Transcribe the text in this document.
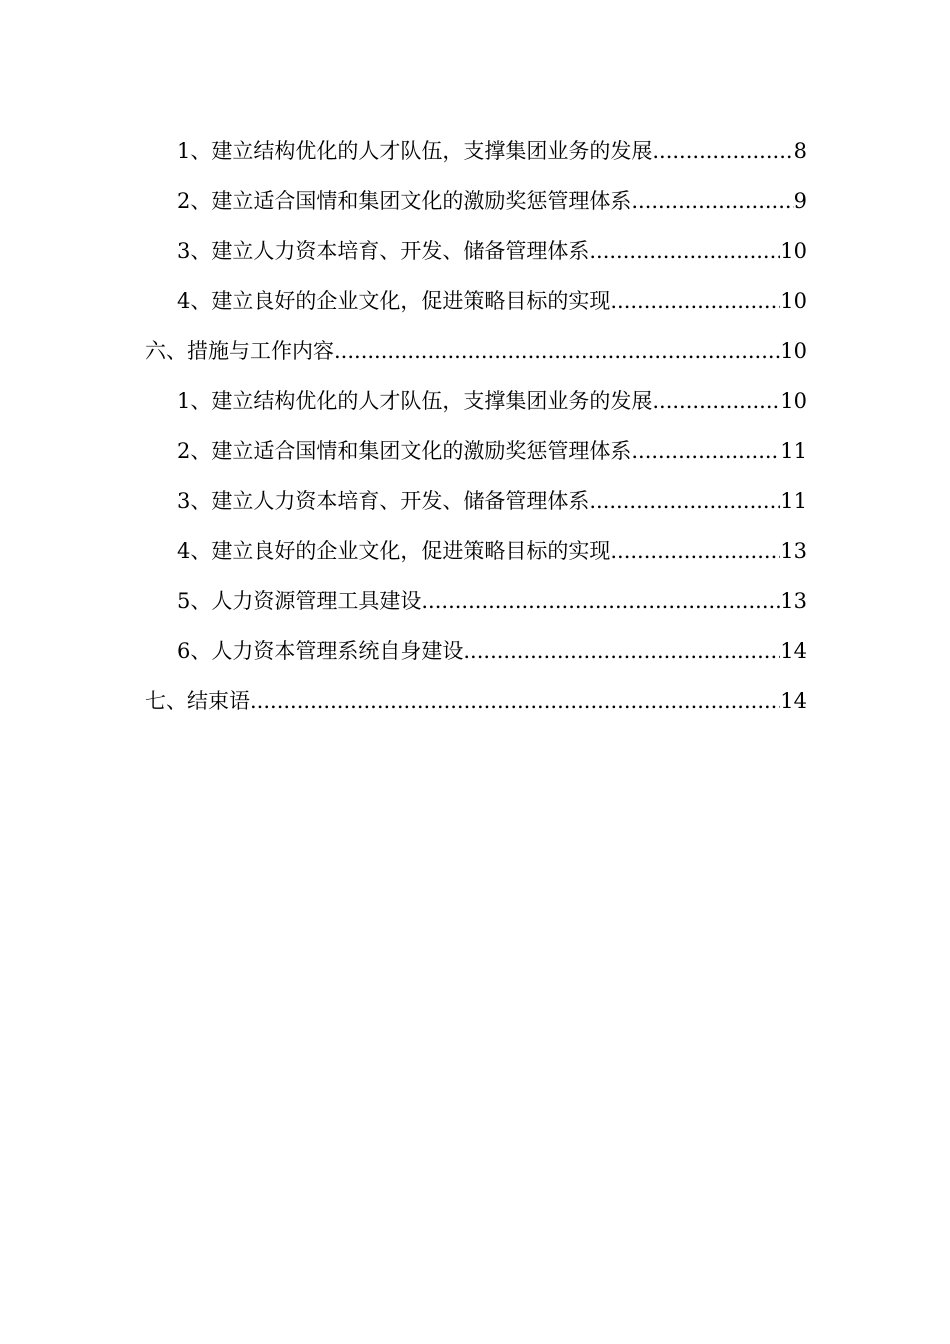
1、建立结构优化的人才队伍，支撑集团业务的发展 .....	8
2、建立适合国情和集团文化的激励奖惩管理体系 .....	9
3、建立人力资本培育、开发、储备管理体系 .....	10
4、建立良好的企业文化，促进策略目标的实现 .....	10
六、措施与工作内容 .....	10
1、建立结构优化的人才队伍，支撑集团业务的发展 .....	10
2、建立适合国情和集团文化的激励奖惩管理体系 .....	11
3、建立人力资本培育、开发、储备管理体系 .....	11
4、建立良好的企业文化，促进策略目标的实现 .....	13
5、人力资源管理工具建设 .....	13
6、人力资本管理系统自身建设 .....	14
七、结束语 .....	14
